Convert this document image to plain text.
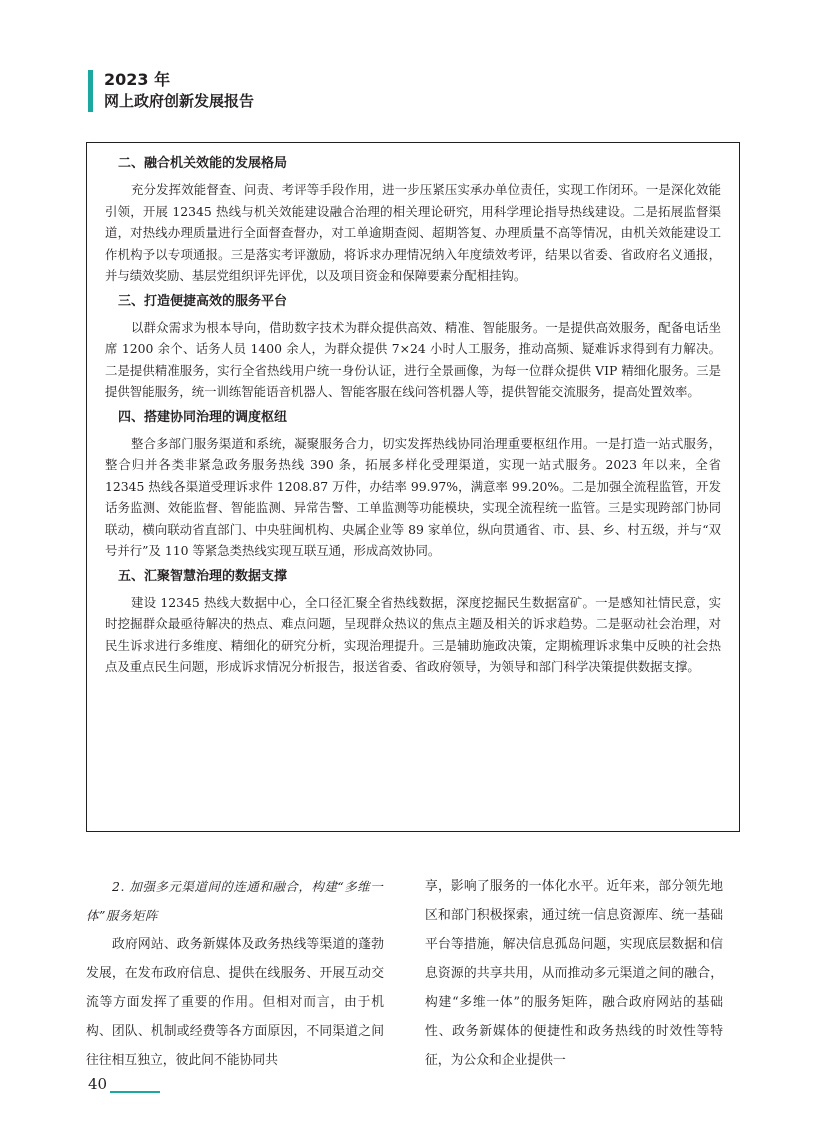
2023 年
网上政府创新发展报告
二、融合机关效能的发展格局

充分发挥效能督查、问责、考评等手段作用，进一步压紧压实承办单位责任，实现工作闭环。一是深化效能引领，开展 12345 热线与机关效能建设融合治理的相关理论研究，用科学理论指导热线建设。二是拓展监督渠道，对热线办理质量进行全面督查督办，对工单逾期查阅、超期答复、办理质量不高等情况，由机关效能建设工作机构予以专项通报。三是落实考评激励，将诉求办理情况纳入年度绩效考评，结果以省委、省政府名义通报，并与绩效奖励、基层党组织评先评优，以及项目资金和保障要素分配相挂钩。

三、打造便捷高效的服务平台

以群众需求为根本导向，借助数字技术为群众提供高效、精准、智能服务。一是提供高效服务，配备电话坐席 1200 余个、话务人员 1400 余人，为群众提供 7×24 小时人工服务，推动高频、疑难诉求得到有力解决。二是提供精准服务，实行全省热线用户统一身份认证，进行全景画像，为每一位群众提供 VIP 精细化服务。三是提供智能服务，统一训练智能语音机器人、智能客服在线问答机器人等，提供智能交流服务，提高处置效率。

四、搭建协同治理的调度枢纽

整合多部门服务渠道和系统，凝聚服务合力，切实发挥热线协同治理重要枢纽作用。一是打造一站式服务，整合归并各类非紧急政务服务热线 390 条，拓展多样化受理渠道，实现一站式服务。2023 年以来，全省 12345 热线各渠道受理诉求件 1208.87 万件，办结率 99.97%，满意率 99.20%。二是加强全流程监管，开发话务监测、效能监督、智能监测、异常告警、工单监测等功能模块，实现全流程统一监管。三是实现跨部门协同联动，横向联动省直部门、中央驻闽机构、央属企业等 89 家单位，纵向贯通省、市、县、乡、村五级，并与“双号并行”及 110 等紧急类热线实现互联互通，形成高效协同。

五、汇聚智慧治理的数据支撑

建设 12345 热线大数据中心，全口径汇聚全省热线数据，深度挖掘民生数据富矿。一是感知社情民意，实时挖掘群众最亟待解决的热点、难点问题，呈现群众热议的焦点主题及相关的诉求趋势。二是驱动社会治理，对民生诉求进行多维度、精细化的研究分析，实现治理提升。三是辅助施政决策，定期梳理诉求集中反映的社会热点及重点民生问题，形成诉求情况分析报告，报送省委、省政府领导，为领导和部门科学决策提供数据支撑。

2. 加强多元渠道间的连通和融合，构建“多维一体”服务矩阵

政府网站、政务新媒体及政务热线等渠道的蓬勃发展，在发布政府信息、提供在线服务、开展互动交流等方面发挥了重要的作用。但相对而言，由于机构、团队、机制或经费等各方面原因，不同渠道之间往往相互独立，彼此间不能协同共

享，影响了服务的一体化水平。近年来，部分领先地区和部门积极探索，通过统一信息资源库、统一基础平台等措施，解决信息孤岛问题，实现底层数据和信息资源的共享共用，从而推动多元渠道之间的融合，构建“多维一体”的服务矩阵，融合政府网站的基础性、政务新媒体的便捷性和政务热线的时效性等特征，为公众和企业提供一

40
